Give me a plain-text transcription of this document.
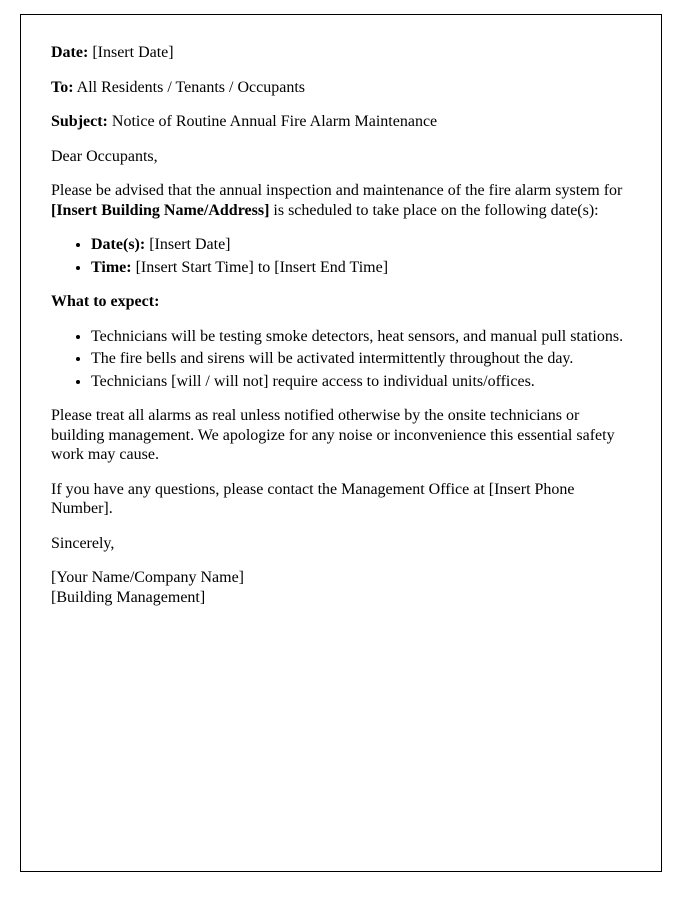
Date: [Insert Date]

To: All Residents / Tenants / Occupants

Subject: Notice of Routine Annual Fire Alarm Maintenance

Dear Occupants,

Please be advised that the annual inspection and maintenance of the fire alarm system for [Insert Building Name/Address] is scheduled to take place on the following date(s):

• Date(s): [Insert Date]
• Time: [Insert Start Time] to [Insert End Time]

What to expect:

• Technicians will be testing smoke detectors, heat sensors, and manual pull stations.
• The fire bells and sirens will be activated intermittently throughout the day.
• Technicians [will / will not] require access to individual units/offices.

Please treat all alarms as real unless notified otherwise by the onsite technicians or building management. We apologize for any noise or inconvenience this essential safety work may cause.

If you have any questions, please contact the Management Office at [Insert Phone Number].

Sincerely,

[Your Name/Company Name]

[Building Management]
